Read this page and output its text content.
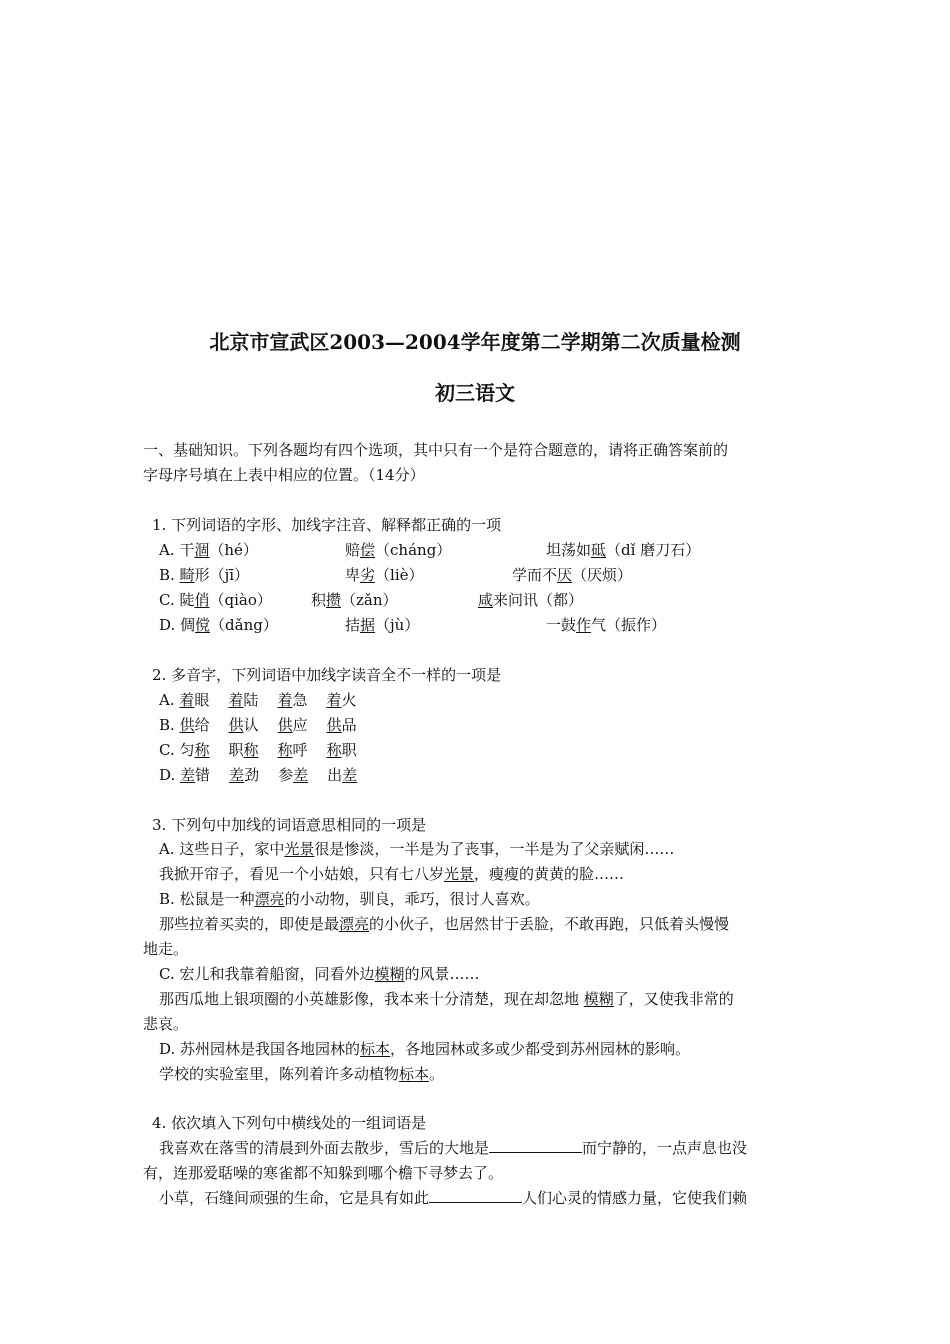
北京市宣武区2003—2004学年度第二学期第二次质量检测
初三语文
一、基础知识。下列各题均有四个选项，其中只有一个是符合题意的，请将正确答案前的
字母序号填在上表中相应的位置。（14分）
1. 下列词语的字形、加线字注音、解释都正确的一项
A. 干涸（hé）	赔偿（cháng）	坦荡如砥（dǐ 磨刀石）
B. 畸形（jī）	卑劣（liè）	学而不厌（厌烦）
C. 陡俏（qiào）	积攒（zǎn）	咸来问讯（都）
D. 倜傥（dǎng）	拮据（jù）	一鼓作气（振作）
2. 多音字，下列词语中加线字读音全不一样的一项是
A. 着眼 着陆 着急 着火
B. 供给 供认 供应 供品
C. 匀称 职称 称呼 称职
D. 差错 差劲 参差 出差
3. 下列句中加线的词语意思相同的一项是
A. 这些日子，家中光景很是惨淡，一半是为了丧事，一半是为了父亲赋闲……
我掀开帘子，看见一个小姑娘，只有七八岁光景，瘦瘦的黄黄的脸……
B. 松鼠是一种漂亮的小动物，驯良，乖巧，很讨人喜欢。
那些拉着买卖的，即使是最漂亮的小伙子，也居然甘于丢脸，不敢再跑，只低着头慢慢
地走。
C. 宏儿和我靠着船窗，同看外边模糊的风景……
那西瓜地上银项圈的小英雄影像，我本来十分清楚，现在却忽地 模糊了，又使我非常的
悲哀。
D. 苏州园林是我国各地园林的标本，各地园林或多或少都受到苏州园林的影响。
学校的实验室里，陈列着许多动植物标本。
4. 依次填入下列句中横线处的一组词语是
我喜欢在落雪的清晨到外面去散步，雪后的大地是	而宁静的，一点声息也没
有，连那爱聒噪的寒雀都不知躲到哪个檐下寻梦去了。
小草，石缝间顽强的生命，它是具有如此	人们心灵的情感力量，它使我们赖
